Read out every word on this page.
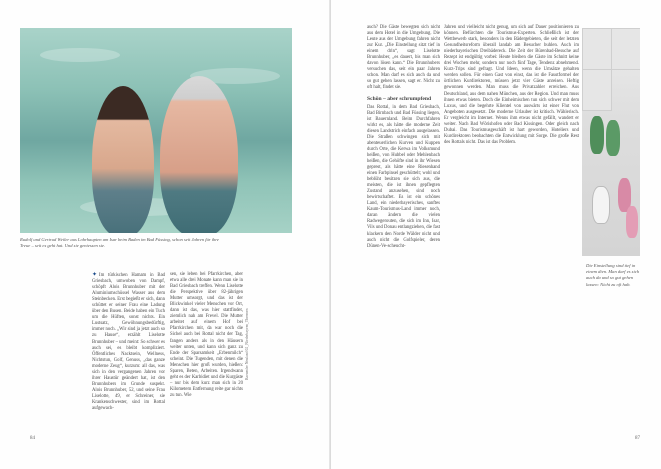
Rudolf und Gertrud Weiler aus Lohrhaupten am Isar beim Baden im Bad Füssing, schon seit Jahren für ihre Treue – seit es geht hat. Und sie geniessen sie.

✦ Im türkischen Hamam in Bad Griesbach, umwoben von Dampf, schöpft Alois Brunnhuber mit der Aluminiumschüssel Wasser aus dem Steinbecken. Erst begießt er sich, dann schüttet er seiner Frau eine Ladung über den Busen. Beide haben ein Tuch um die Hüften, sonst nichts. Ein Lustsatz, Gewöhnungsbedürftig, immer noch. „Wir sind ja jetzt auch so zu Hause“, erzählt Liselotte Brunnhuber – und meint: So schwer es auch sei, es bleibt kompliziert. Öffentliches Nacktsein, Wellness, Nichtstun, Golf, Genuss, „das ganze moderne Zeug“, kurzum: all das, was sich in den vergangenen Jahren vor ihrer Haustür geändert hat, ist den Brunnhubers im Grunde suspekt. Alois Brunnhuber, 52, und seine Frau Liselotte, 49, er Schreiner, sie Krankenschwester, sind im Rottal aufgewach-

sen, sie leben bei Pfarrkirchen, aber etwa alle drei Monate kann man sie in Bad Griesbach treffen. Wenn Liselotte die Perspektive über 82-jährigen Mutter umsorgt, und das ist der Blickwinkel vieler Menschen vor Ort, dann ist das, was hier stattfindet, ziemlich nah am Frevel. Die Mutter arbeitet auf einem Hof bei Pfarrkirchen mit, da war noch die Sichel auch bei Rottal nicht der Tag, fangen anders als in den Häusern weiter unten, und kann sich ganz zu Ende der Sparsamkeit „Erbenmilch“ scheint. Die Tugenden, mit denen die Menschen hier groß wurden, hießen: Sparen, Beten, Arbeiten. Irgendwann geht es der Karbidiet und die Kurgäste – nur bis dem kurz man sich in 20 Kilometern Entfernung reite gar nichts zu tun. Wie

Baeumler Neuland 02_Niederbayern_Thermen
84

auch? Die Gäste bewegten sich nicht aus dem Hotel in die Umgebung. Die Leute aus der Umgebung fahren nicht zur Kur. „Die Einstellung sitzt tief in einem drin“, sagt Liselotte Brunnhuber, „es dauert, bis man sich davon lösen kann.“ Die Brunnhubers versuchen das, seit ein paar Jahren schon. Man darf es sich auch da und so gut gehen lassen, sagt er. Nicht zu oft halt, findet sie.

Schön – aber schrumpfend

Das Rottal, in dem Bad Griesbach, Bad Birnbach und Bad Füssing liegen, ist Bauernland. Beim Durchfahren wirkt es, als hätte die moderne Zeit diesen Landstrich einfach ausgelassen. Die Straßen schwingen sich mit abenteuerlichen Kurven und Kuppen durch Orte, die Kerwa im Volksmund heißen, von Hubbel oder Mehlenbach heißen, die Gehöfte sind in ihr Wiesen geprest, als hätte eine Riesenhand einen Farbpinsel geschüttelt; wohl und beblüht besitzen sie sich aus, die meisten, die ist ihnen gepflegten Zustand anzusehen, sind noch bewirtschaftet. Es ist ein schönes Land, ein niederbayerisches, sanftes Kaum-Tourismus-Land immer noch, daran ändern die vielen Radwegerouten, die sich im Inn, Isar, Vils und Donau entlangziehen, die fast klackern den Norde Wälder nicht und auch nicht die Golfspieler, deren Dünen-Ve-scheucht-

Jahren und vielleicht nicht genug, um sich auf Dauer positionieren zu können. Befürchten die Tourismus-Experten. Schließlich ist der Wettbewerb stark, besonders in den Bädergebieten, die seit der letzten Gesundheitsreform überall landab am Besucher buhlen. Auch im niederbayerischen Dreibädereck. Die Zeit der Bürenbad-Besuche auf Rezept ist endgültig vorbei: Heute bleiben die Gäste im Schnitt keine drei Wochen mehr, sondern nur noch fünf Tage, Tendenz abnehmend. Kurz-Trips sind gefragt. Und Ideen, wenn die Umsätze gehalten werden sollen. Für einen Gast von einst, das ist die Faustformel der örtlichen Kurdirektoren, müssen jetzt vier Gäste anreisen. Heftig gewonnen werden. Man muss die Privatzahler erreichen. Aus Deutschland, aus dem nahen München, aus der Region. Und man muss ihnen etwas bieten. Doch die Einheimischen tun sich schwer mit dem Luxus, und die begehrte Klientel von auswärts ist einer Flut von Angeboten ausgesetzt. Die moderne Urlauber ist kritisch. Wählerisch. Er vergleicht im Internet. Wenns ihm etwas nicht gefällt, wandert er weiter. Nach Bad Wörishofen oder Bad Kissingen. Oder gleich nach Dubai. Das Tourismusgeschäft ist hart geworden, Hoteliers und Kurdirektoren beobachten die Entwicklung mit Sorge. Die große Rest des Rottals nicht. Das ist das Problem.

Die Einstellung sind tief in einem dien. Man darf es sich auch da und so gut gehen lassen: Nicht zu oft hab.
87
